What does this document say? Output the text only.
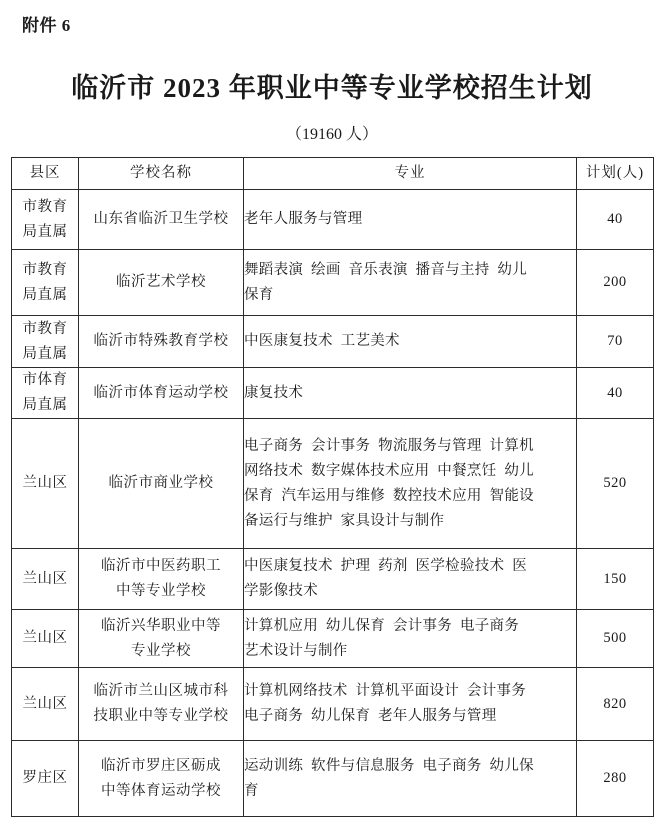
附件 6
临沂市 2023 年职业中等专业学校招生计划
（19160 人）
县区	学校名称	专业	计划(人)

市教育
局直属	山东省临沂卫生学校	老年人服务与管理	40

市教育
局直属	临沂艺术学校	舞蹈表演  绘画  音乐表演  播音与主持  幼儿
保育	200

市教育
局直属	临沂市特殊教育学校	中医康复技术  工艺美术	70

市体育
局直属	临沂市体育运动学校	康复技术	40

兰山区	临沂市商业学校	电子商务  会计事务  物流服务与管理  计算机
网络技术  数字媒体技术应用  中餐烹饪  幼儿
保育  汽车运用与维修  数控技术应用  智能设
备运行与维护  家具设计与制作	520

兰山区	临沂市中医药职工
中等专业学校	中医康复技术  护理  药剂  医学检验技术  医
学影像技术	150

兰山区	临沂兴华职业中等
专业学校	计算机应用  幼儿保育  会计事务  电子商务
艺术设计与制作	500

兰山区	临沂市兰山区城市科
技职业中等专业学校	计算机网络技术  计算机平面设计  会计事务
电子商务  幼儿保育  老年人服务与管理	820

罗庄区	临沂市罗庄区砺成
中等体育运动学校	运动训练  软件与信息服务  电子商务  幼儿保
育	280
